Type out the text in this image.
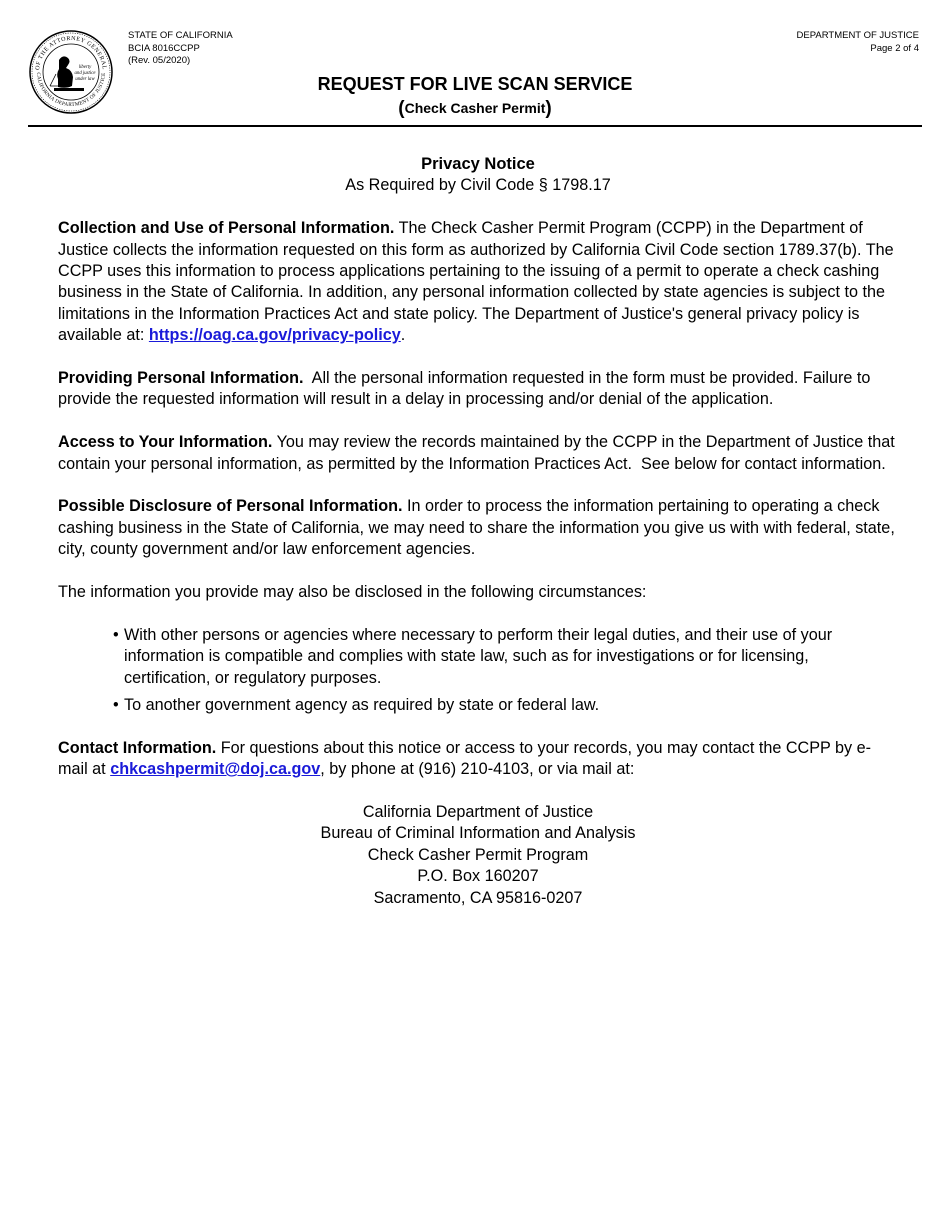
OF THE ATTORNEY GENERAL
CALIFORNIA DEPARTMENT OF JUSTICE
liberty
and justice
under law
STATE OF CALIFORNIA
BCIA 8016CCPP
(Rev. 05/2020)
DEPARTMENT OF JUSTICE
Page 2 of 4
REQUEST FOR LIVE SCAN SERVICE
(Check Casher Permit)
Privacy Notice
As Required by Civil Code § 1798.17

Collection and Use of Personal Information. The Check Casher Permit Program (CCPP) in the Department of Justice collects the information requested on this form as authorized by California Civil Code section 1789.37(b). The CCPP uses this information to process applications pertaining to the issuing of a permit to operate a check cashing business in the State of California. In addition, any personal information collected by state agencies is subject to the limitations in the Information Practices Act and state policy. The Department of Justice's general privacy policy is available at: https://oag.ca.gov/privacy-policy.

Providing Personal Information.  All the personal information requested in the form must be provided. Failure to provide the requested information will result in a delay in processing and/or denial of the application.

Access to Your Information. You may review the records maintained by the CCPP in the Department of Justice that contain your personal information, as permitted by the Information Practices Act.  See below for contact information.

Possible Disclosure of Personal Information. In order to process the information pertaining to operating a check cashing business in the State of California, we may need to share the information you give us with with federal, state, city, county government and/or law enforcement agencies.

The information you provide may also be disclosed in the following circumstances:

• With other persons or agencies where necessary to perform their legal duties, and their use of your information is compatible and complies with state law, such as for investigations or for licensing, certification, or regulatory purposes.
• To another government agency as required by state or federal law.

Contact Information. For questions about this notice or access to your records, you may contact the CCPP by e-mail at chkcashpermit@doj.ca.gov, by phone at (916) 210-4103, or via mail at:

California Department of Justice
Bureau of Criminal Information and Analysis
Check Casher Permit Program
P.O. Box 160207
Sacramento, CA 95816-0207
